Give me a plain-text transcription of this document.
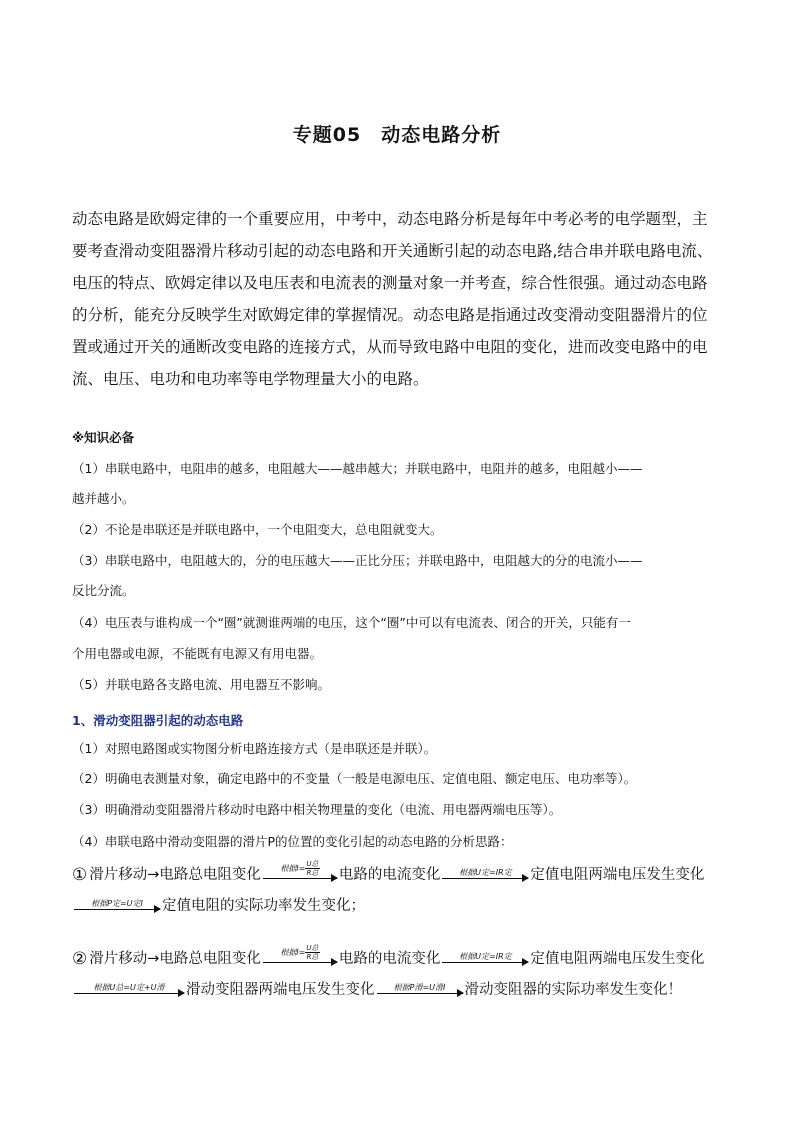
专题05　动态电路分析

动态电路是欧姆定律的一个重要应用，中考中，动态电路分析是每年中考必考的电学题型，主

要考查滑动变阻器滑片移动引起的动态电路和开关通断引起的动态电路,结合串并联电路电流、

电压的特点、欧姆定律以及电压表和电流表的测量对象一并考查，综合性很强。通过动态电路

的分析，能充分反映学生对欧姆定律的掌握情况。动态电路是指通过改变滑动变阻器滑片的位

置或通过开关的通断改变电路的连接方式，从而导致电路中电阻的变化，进而改变电路中的电

流、电压、电功和电功率等电学物理量大小的电路。

※知识必备
（1）串联电路中，电阻串的越多，电阻越大——越串越大；并联电路中，电阻并的越多，电阻越小——
越并越小。
（2）不论是串联还是并联电路中，一个电阻变大，总电阻就变大。
（3）串联电路中，电阻越大的，分的电压越大——正比分压；并联电路中，电阻越大的分的电流小——
反比分流。
（4）电压表与谁构成一个“圈”就测谁两端的电压，这个“圈”中可以有电流表、闭合的开关，只能有一
个用电器或电源，不能既有电源又有用电器。
（5）并联电路各支路电流、用电器互不影响。
1、滑动变阻器引起的动态电路
（1）对照电路图或实物图分析电路连接方式（是串联还是并联）。
（2）明确电表测量对象，确定电路中的不变量（一般是电源电压、定值电阻、额定电压、电功率等）。
（3）明确滑动变阻器滑片移动时电路中相关物理量的变化（电流、用电器两端电压等）。
（4）串联电路中滑动变阻器的滑片P的位置的变化引起的动态电路的分析思路：
① 滑片移动→电路总电阻变化	根据$I= \frac{\text{U总}}{\text{R总}}$ 电路的电流变化	根据U定=IR定 定值电阻两端电压发生变化
根据P定=U定I 定值电阻的实际功率发生变化；
② 滑片移动→电路总电阻变化	根据$I= \frac{\text{U总}}{\text{R总}}$ 电路的电流变化	根据U定=IR定 定值电阻两端电压发生变化
根据U总=U定+U滑 滑动变阻器两端电压发生变化	根据P滑=U滑I 滑动变阻器的实际功率发生变化！
